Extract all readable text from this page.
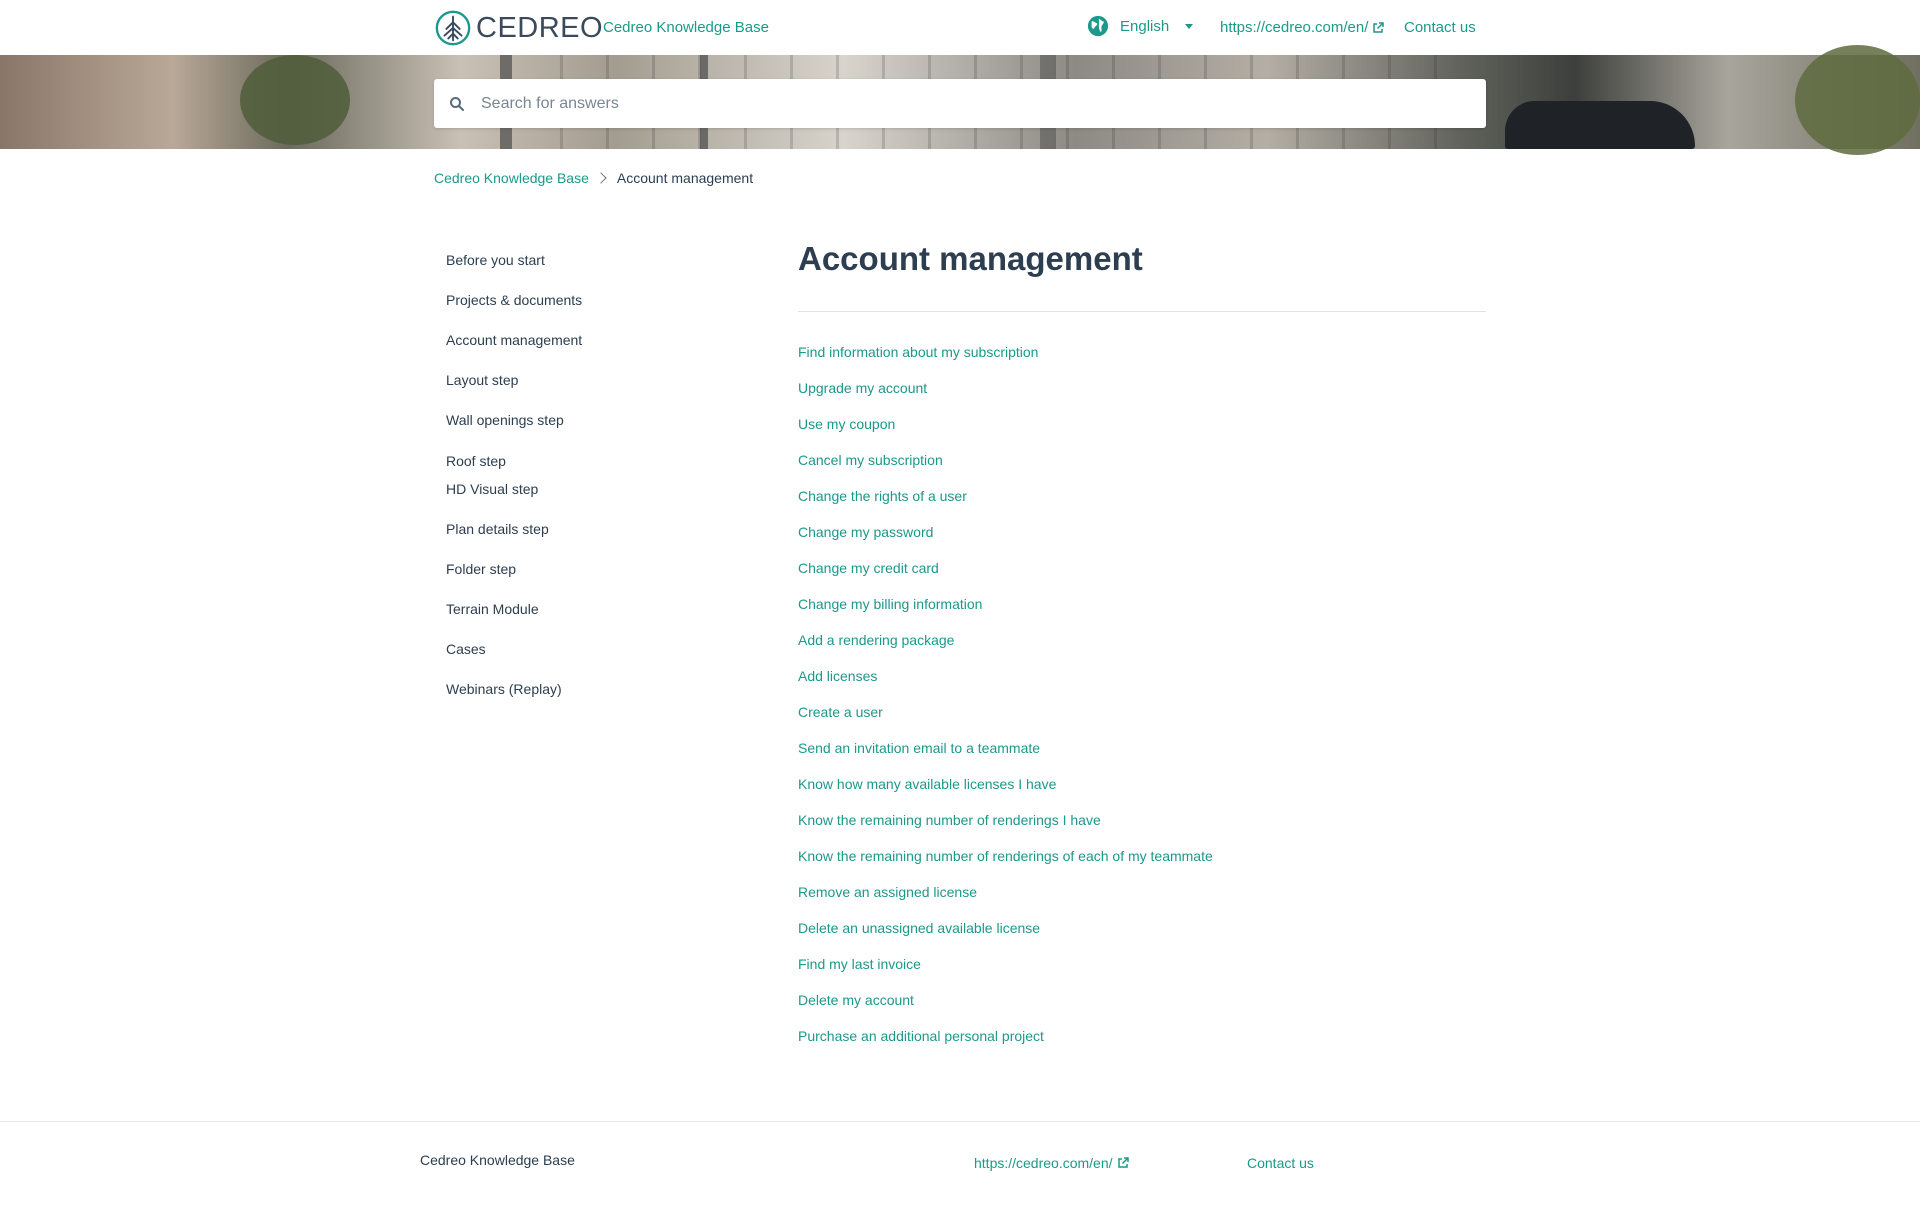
CEDREO Cedreo Knowledge Base	English	https://cedreo.com/en/ Contact us
Search for answers
Cedreo Knowledge Base Account management
Before you start
Projects & documents
Account management
Layout step
Wall openings step
Roof step
HD Visual step
Plan details step
Folder step
Terrain Module
Cases
Webinars (Replay)
Account management
Find information about my subscription
Upgrade my account
Use my coupon
Cancel my subscription
Change the rights of a user
Change my password
Change my credit card
Change my billing information
Add a rendering package
Add licenses
Create a user
Send an invitation email to a teammate
Know how many available licenses I have
Know the remaining number of renderings I have
Know the remaining number of renderings of each of my teammate
Remove an assigned license
Delete an unassigned available license
Find my last invoice
Delete my account
Purchase an additional personal project
Cedreo Knowledge Base	https://cedreo.com/en/	Contact us
